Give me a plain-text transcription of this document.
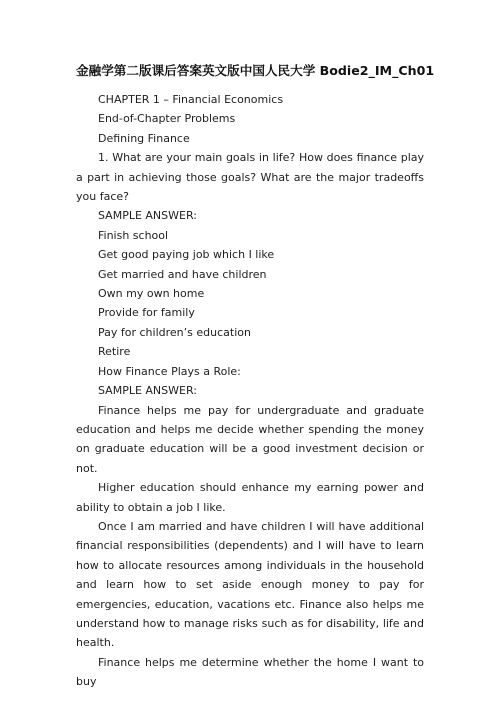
金融学第二版课后答案英文版中国人民大学 Bodie2_IM_Ch01

CHAPTER 1 – Financial Economics

End-of-Chapter Problems

Defining Finance

1. What are your main goals in life? How does finance play a part in achieving those goals? What are the major tradeoffs you face?

SAMPLE ANSWER:

Finish school

Get good paying job which I like

Get married and have children

Own my own home

Provide for family

Pay for children’s education

Retire

How Finance Plays a Role:

SAMPLE ANSWER:

Finance helps me pay for undergraduate and graduate education and helps me decide whether spending the money on graduate education will be a good investment decision or not.

Higher education should enhance my earning power and ability to obtain a job I like.

Once I am married and have children I will have additional financial responsibilities (dependents) and I will have to learn how to allocate resources among individuals in the household and learn how to set aside enough money to pay for emergencies, education, vacations etc. Finance also helps me understand how to manage risks such as for disability, life and health.

Finance helps me determine whether the home I want to buy
